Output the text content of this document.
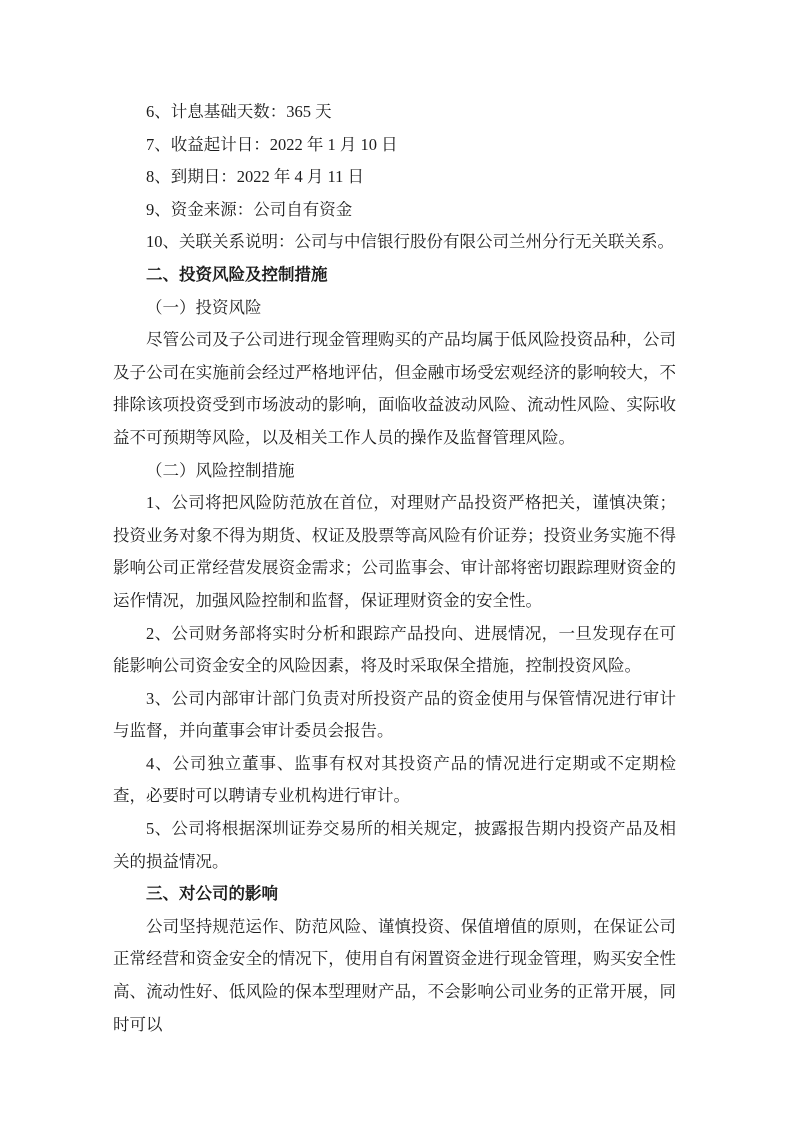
6、计息基础天数：365 天

7、收益起计日：2022 年 1 月 10 日

8、到期日：2022 年 4 月 11 日

9、资金来源：公司自有资金

10、关联关系说明：公司与中信银行股份有限公司兰州分行无关联关系。

二、投资风险及控制措施

（一）投资风险

尽管公司及子公司进行现金管理购买的产品均属于低风险投资品种，公司及子公司在实施前会经过严格地评估，但金融市场受宏观经济的影响较大，不排除该项投资受到市场波动的影响，面临收益波动风险、流动性风险、实际收益不可预期等风险，以及相关工作人员的操作及监督管理风险。

（二）风险控制措施

1、公司将把风险防范放在首位，对理财产品投资严格把关，谨慎决策；投资业务对象不得为期货、权证及股票等高风险有价证券；投资业务实施不得影响公司正常经营发展资金需求；公司监事会、审计部将密切跟踪理财资金的运作情况，加强风险控制和监督，保证理财资金的安全性。

2、公司财务部将实时分析和跟踪产品投向、进展情况，一旦发现存在可能影响公司资金安全的风险因素，将及时采取保全措施，控制投资风险。

3、公司内部审计部门负责对所投资产品的资金使用与保管情况进行审计与监督，并向董事会审计委员会报告。

4、公司独立董事、监事有权对其投资产品的情况进行定期或不定期检查，必要时可以聘请专业机构进行审计。

5、公司将根据深圳证券交易所的相关规定，披露报告期内投资产品及相关的损益情况。

三、对公司的影响

公司坚持规范运作、防范风险、谨慎投资、保值增值的原则，在保证公司正常经营和资金安全的情况下，使用自有闲置资金进行现金管理，购买安全性高、流动性好、低风险的保本型理财产品，不会影响公司业务的正常开展，同时可以
